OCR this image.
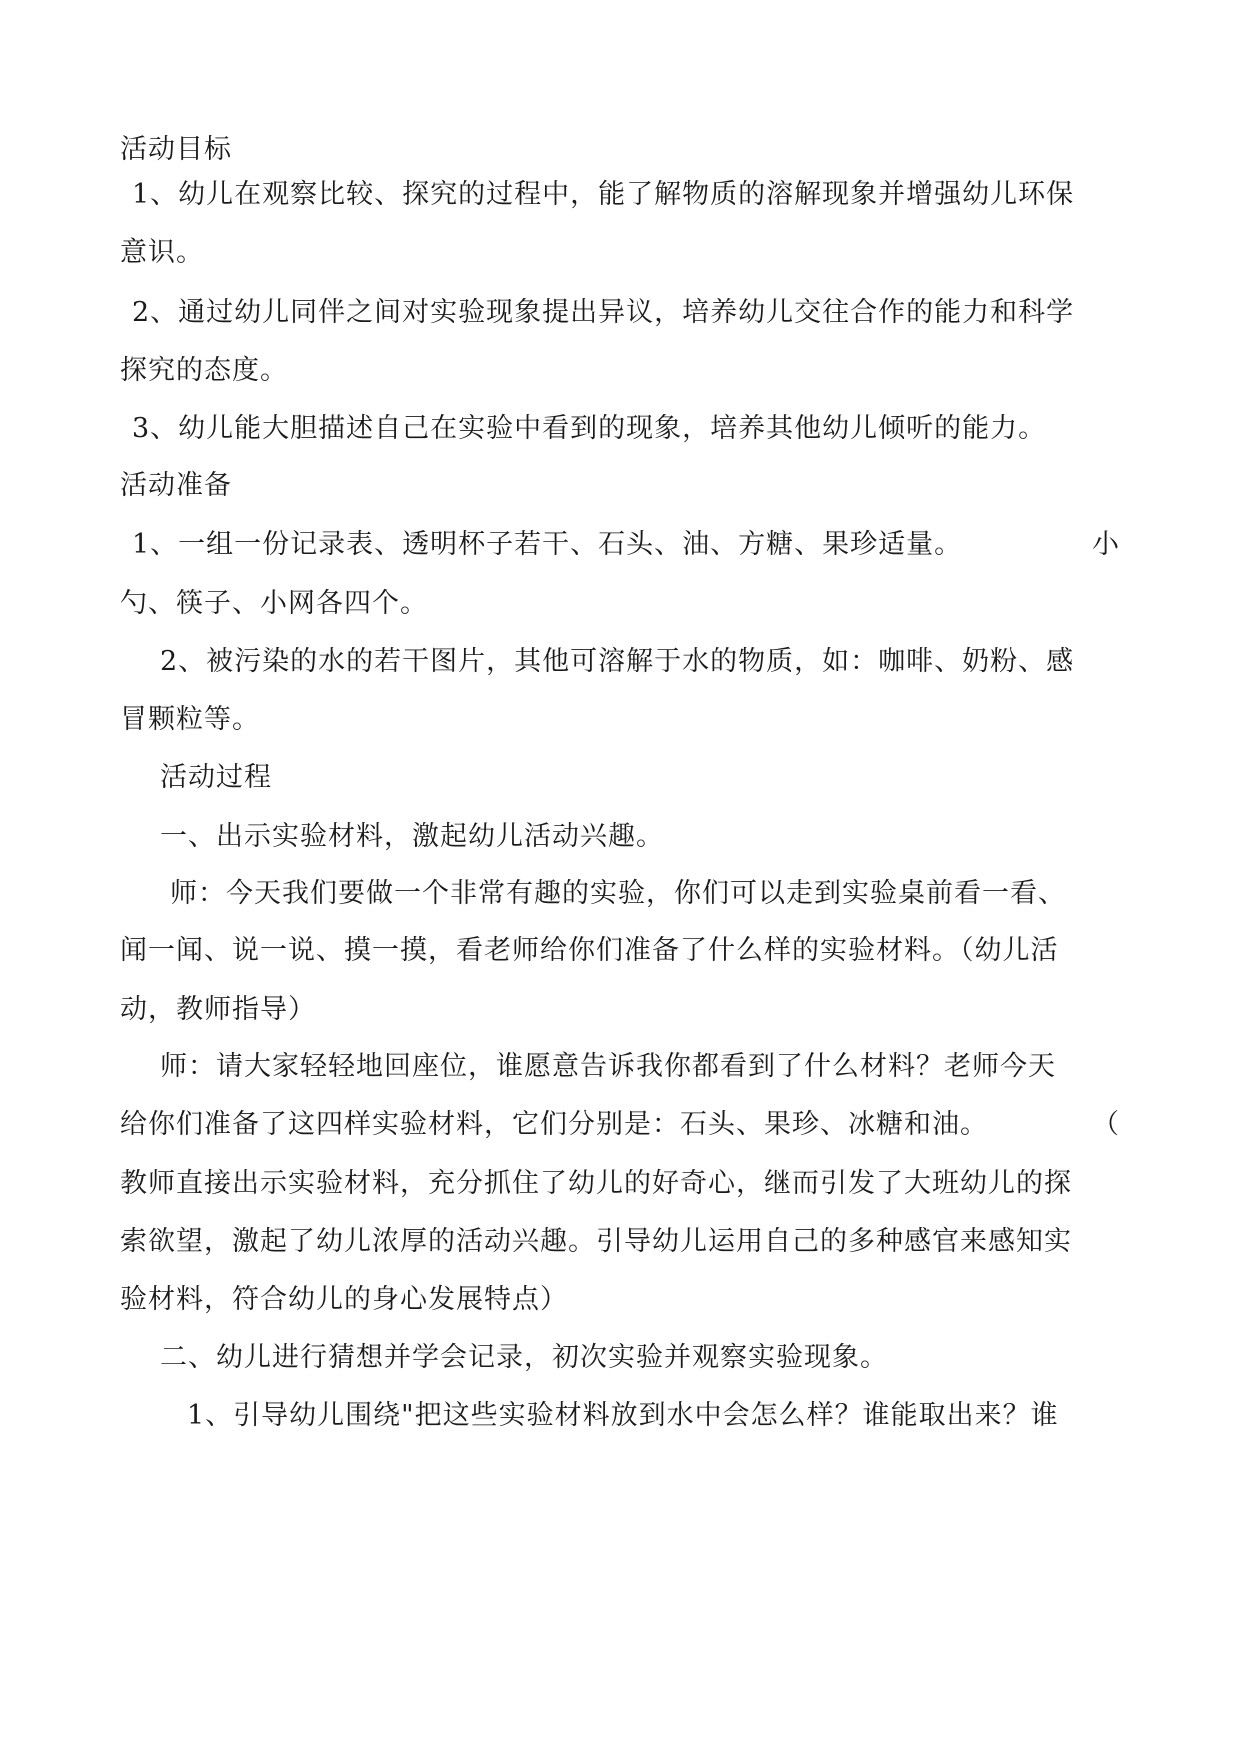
活动目标
1、幼儿在观察比较、探究的过程中，能了解物质的溶解现象并增强幼儿环保
意识。
2、通过幼儿同伴之间对实验现象提出异议，培养幼儿交往合作的能力和科学
探究的态度。
3、幼儿能大胆描述自己在实验中看到的现象，培养其他幼儿倾听的能力。
活动准备
1、一组一份记录表、透明杯子若干、石头、油、方糖、果珍适量。	小
勺、筷子、小网各四个。
2、被污染的水的若干图片，其他可溶解于水的物质，如：咖啡、奶粉、感
冒颗粒等。
活动过程
一、出示实验材料，激起幼儿活动兴趣。
师：今天我们要做一个非常有趣的实验，你们可以走到实验桌前看一看、
闻一闻、说一说、摸一摸，看老师给你们准备了什么样的实验材料。（幼儿活
动，教师指导）
师：请大家轻轻地回座位，谁愿意告诉我你都看到了什么材料？老师今天
给你们准备了这四样实验材料，它们分别是：石头、果珍、冰糖和油。	（
教师直接出示实验材料，充分抓住了幼儿的好奇心，继而引发了大班幼儿的探
索欲望，激起了幼儿浓厚的活动兴趣。引导幼儿运用自己的多种感官来感知实
验材料，符合幼儿的身心发展特点）
二、幼儿进行猜想并学会记录，初次实验并观察实验现象。
1、引导幼儿围绕"把这些实验材料放到水中会怎么样？谁能取出来？谁
